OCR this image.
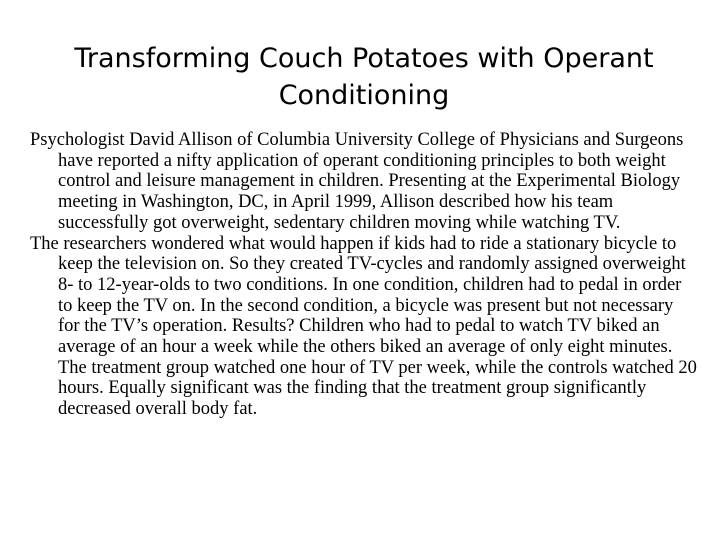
Transforming Couch Potatoes with Operant Conditioning

Psychologist David Allison of Columbia University College of Physicians and Surgeons have reported a nifty application of operant conditioning principles to both weight control and leisure management in children. Presenting at the Experimental Biology meeting in Washington, DC, in April 1999, Allison described how his team successfully got overweight, sedentary children moving while watching TV.

The researchers wondered what would happen if kids had to ride a stationary bicycle to keep the television on. So they created TV-cycles and randomly assigned overweight 8- to 12-year-olds to two conditions. In one condition, children had to pedal in order to keep the TV on. In the second condition, a bicycle was present but not necessary for the TV’s operation. Results? Children who had to pedal to watch TV biked an average of an hour a week while the others biked an average of only eight minutes. The treatment group watched one hour of TV per week, while the controls watched 20 hours. Equally significant was the finding that the treatment group significantly decreased overall body fat.
